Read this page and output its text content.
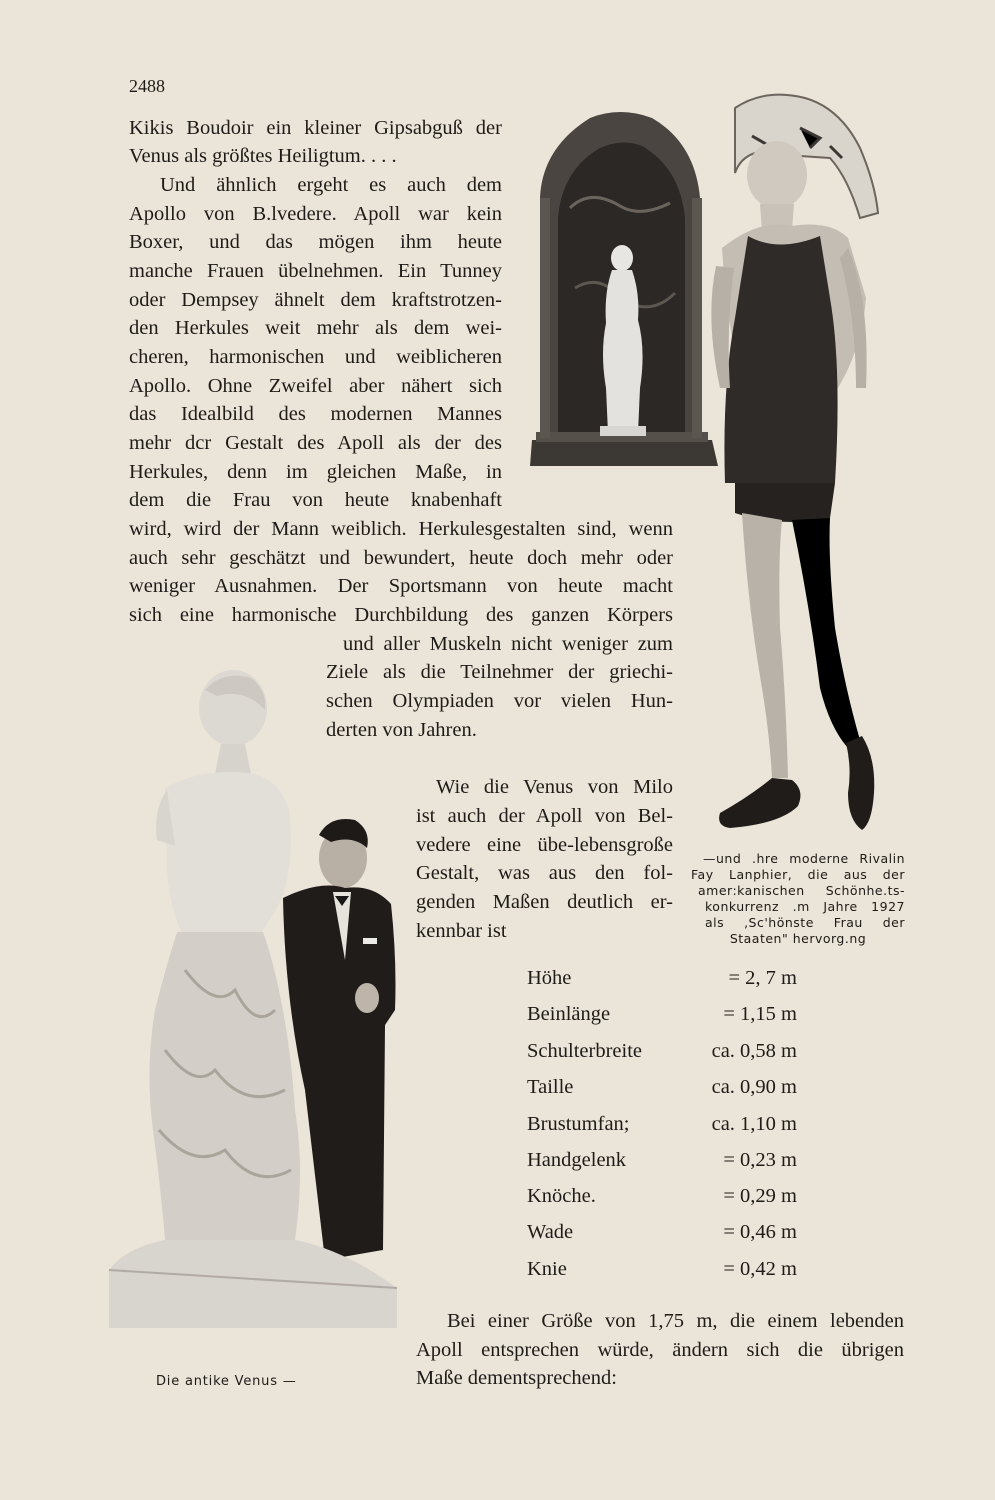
2488

Kikis Boudoir ein kleiner Gipsabguß der

Venus als größtes Heiligtum. . . .

Und ähnlich ergeht es auch dem

Apollo von B.lvedere. Apoll war kein

Boxer, und das mögen ihm heute

manche Frauen übelnehmen. Ein Tunney

oder Dempsey ähnelt dem kraftstrotzen-

den Herkules weit mehr als dem wei-

cheren, harmonischen und weiblicheren

Apollo. Ohne Zweifel aber nähert sich

das Idealbild des modernen Mannes

mehr dcr Gestalt des Apoll als der des

Herkules, denn im gleichen Maße, in

dem die Frau von heute knabenhaft

wird, wird der Mann weiblich. Herkulesgestalten sind, wenn

auch sehr geschätzt und bewundert, heute doch mehr oder

weniger Ausnahmen. Der Sportsmann von heute macht

sich eine harmonische Durchbildung des ganzen Körpers

und aller Muskeln nicht weniger zum

Ziele als die Teilnehmer der griechi-

schen Olympiaden vor vielen Hun-

derten von Jahren.

Wie die Venus von Milo

ist auch der Apoll von Bel-

vedere eine übe-lebensgroße

Gestalt, was aus den fol-

genden Maßen deutlich er-

kennbar ist

Höhe	= 2, 7 m
Beinlänge	= 1,15 m
Schulterbreite	ca. 0,58 m
Taille	ca. 0,90 m
Brustumfan;	ca. 1,10 m
Handgelenk	= 0,23 m
Knöche.	= 0,29 m
Wade	= 0,46 m
Knie	= 0,42 m

Bei einer Größe von 1,75 m, die einem lebenden

Apoll entsprechen würde, ändern sich die übrigen

Maße dementsprechend:

—und .hre moderne Rivalin

Fay Lanphier, die aus der

amer:kanischen Schönhe.ts-

konkurrenz .m Jahre 1927

als ,Sc'hönste Frau der

Staaten" hervorg.ng

Die antike Venus —
